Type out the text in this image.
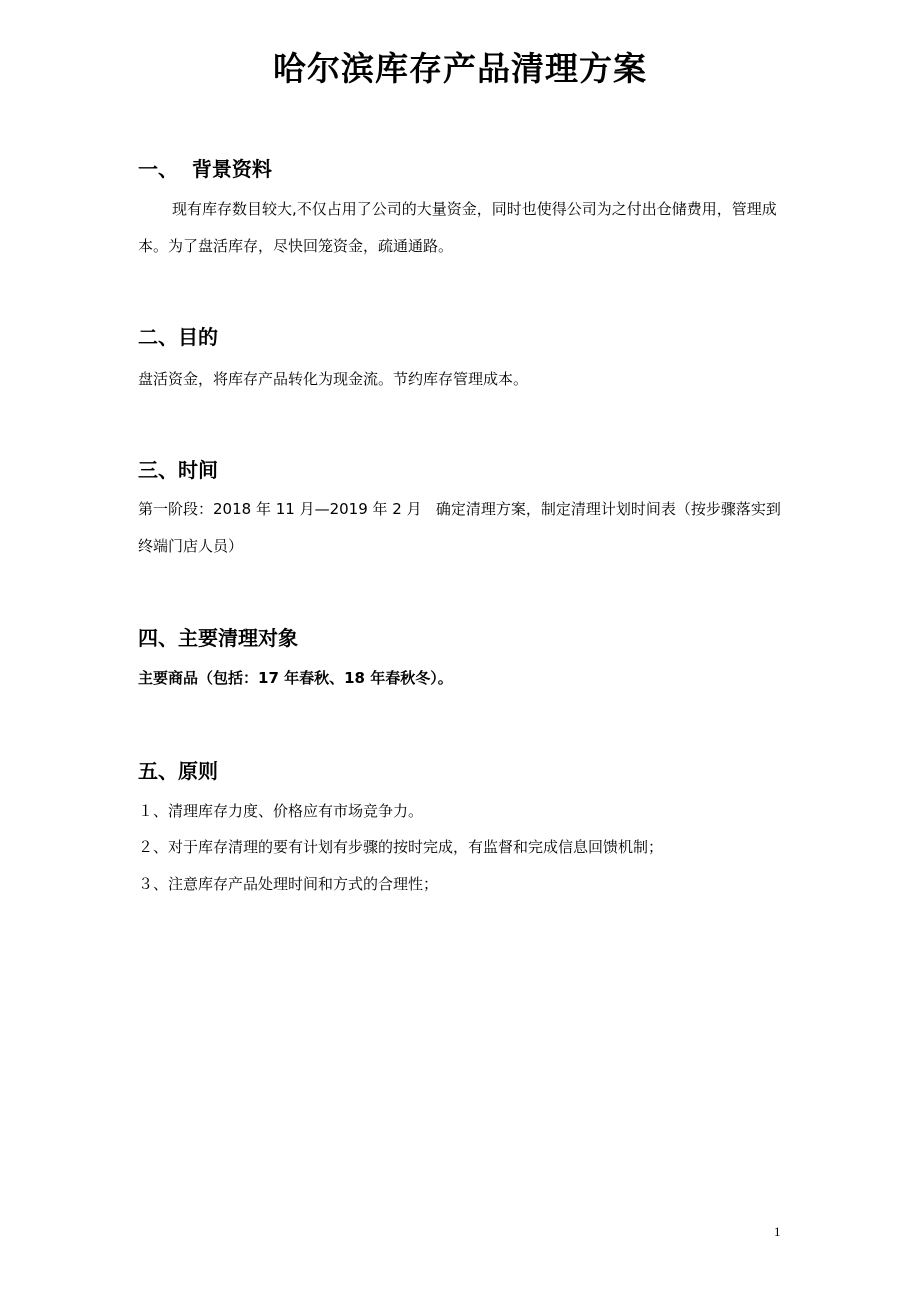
哈尔滨库存产品清理方案
一、  背景资料
现有库存数目较大,不仅占用了公司的大量资金，同时也使得公司为之付出仓储费用，管理成本。为了盘活库存，尽快回笼资金，疏通通路。
二、目的
盘活资金，将库存产品转化为现金流。节约库存管理成本。
三、时间
第一阶段：2018 年 11 月—2019 年 2 月   确定清理方案，制定清理计划时间表（按步骤落实到终端门店人员）
四、主要清理对象
主要商品（包括：17 年春秋、18 年春秋冬）。
五、原则
１、清理库存力度、价格应有市场竞争力。
２、对于库存清理的要有计划有步骤的按时完成，有监督和完成信息回馈机制；
３、注意库存产品处理时间和方式的合理性；
1
